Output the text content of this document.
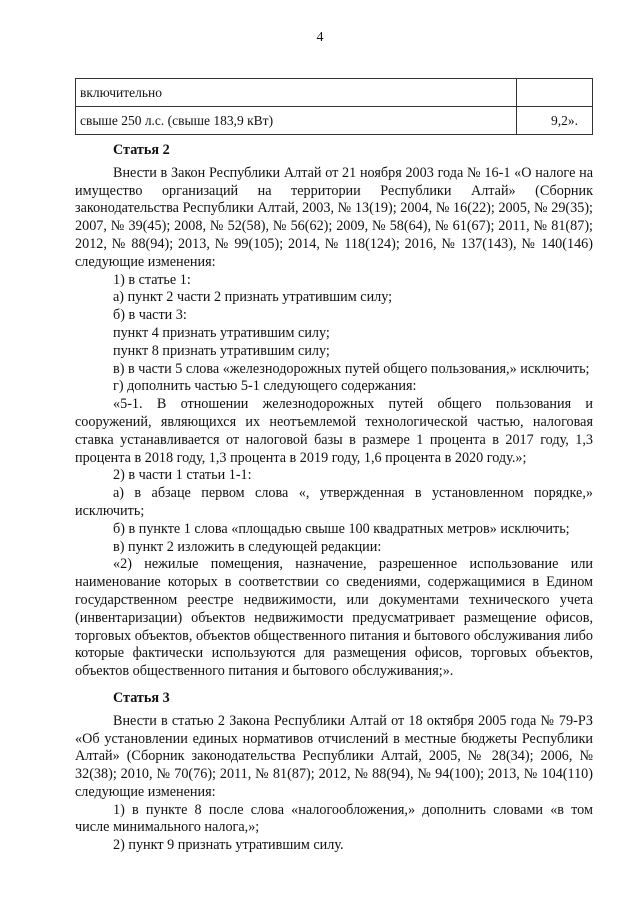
4
включительно	
свыше 250 л.с. (свыше 183,9 кВт)	9,2».
Статья 2

Внести в Закон Республики Алтай от 21 ноября 2003 года № 16-1 «О налоге на имущество организаций на территории Республики Алтай» (Сборник законодательства Республики Алтай, 2003, № 13(19); 2004, № 16(22); 2005, № 29(35); 2007, № 39(45); 2008, № 52(58), № 56(62); 2009, № 58(64), № 61(67); 2011, № 81(87); 2012, № 88(94); 2013, № 99(105); 2014, № 118(124); 2016, № 137(143), № 140(146) следующие изменения:

1) в статье 1:

а) пункт 2 части 2 признать утратившим силу;

б) в части 3:

пункт 4 признать утратившим силу;

пункт 8 признать утратившим силу;

в) в части 5 слова «железнодорожных путей общего пользования,» исключить;

г) дополнить частью 5-1 следующего содержания:

«5-1. В отношении железнодорожных путей общего пользования и сооружений, являющихся их неотъемлемой технологической частью, налоговая ставка устанавливается от налоговой базы в размере 1 процента в 2017 году, 1,3 процента в 2018 году, 1,3 процента в 2019 году, 1,6 процента в 2020 году.»;

2) в части 1 статьи 1-1:

а) в абзаце первом слова «, утвержденная в установленном порядке,» исключить;

б) в пункте 1 слова «площадью свыше 100 квадратных метров» исключить;

в) пункт 2 изложить в следующей редакции:

«2) нежилые помещения, назначение, разрешенное использование или наименование которых в соответствии со сведениями, содержащимися в Едином государственном реестре недвижимости, или документами технического учета (инвентаризации) объектов недвижимости предусматривает размещение офисов, торговых объектов, объектов общественного питания и бытового обслуживания либо которые фактически используются для размещения офисов, торговых объектов, объектов общественного питания и бытового обслуживания;».

Статья 3

Внести в статью 2 Закона Республики Алтай от 18 октября 2005 года № 79-РЗ «Об установлении единых нормативов отчислений в местные бюджеты Республики Алтай» (Сборник законодательства Республики Алтай, 2005, № 28(34); 2006, № 32(38); 2010, № 70(76); 2011, № 81(87); 2012, № 88(94), № 94(100); 2013, № 104(110) следующие изменения:

1) в пункте 8 после слова «налогообложения,» дополнить словами «в том числе минимального налога,»;

2) пункт 9 признать утратившим силу.
